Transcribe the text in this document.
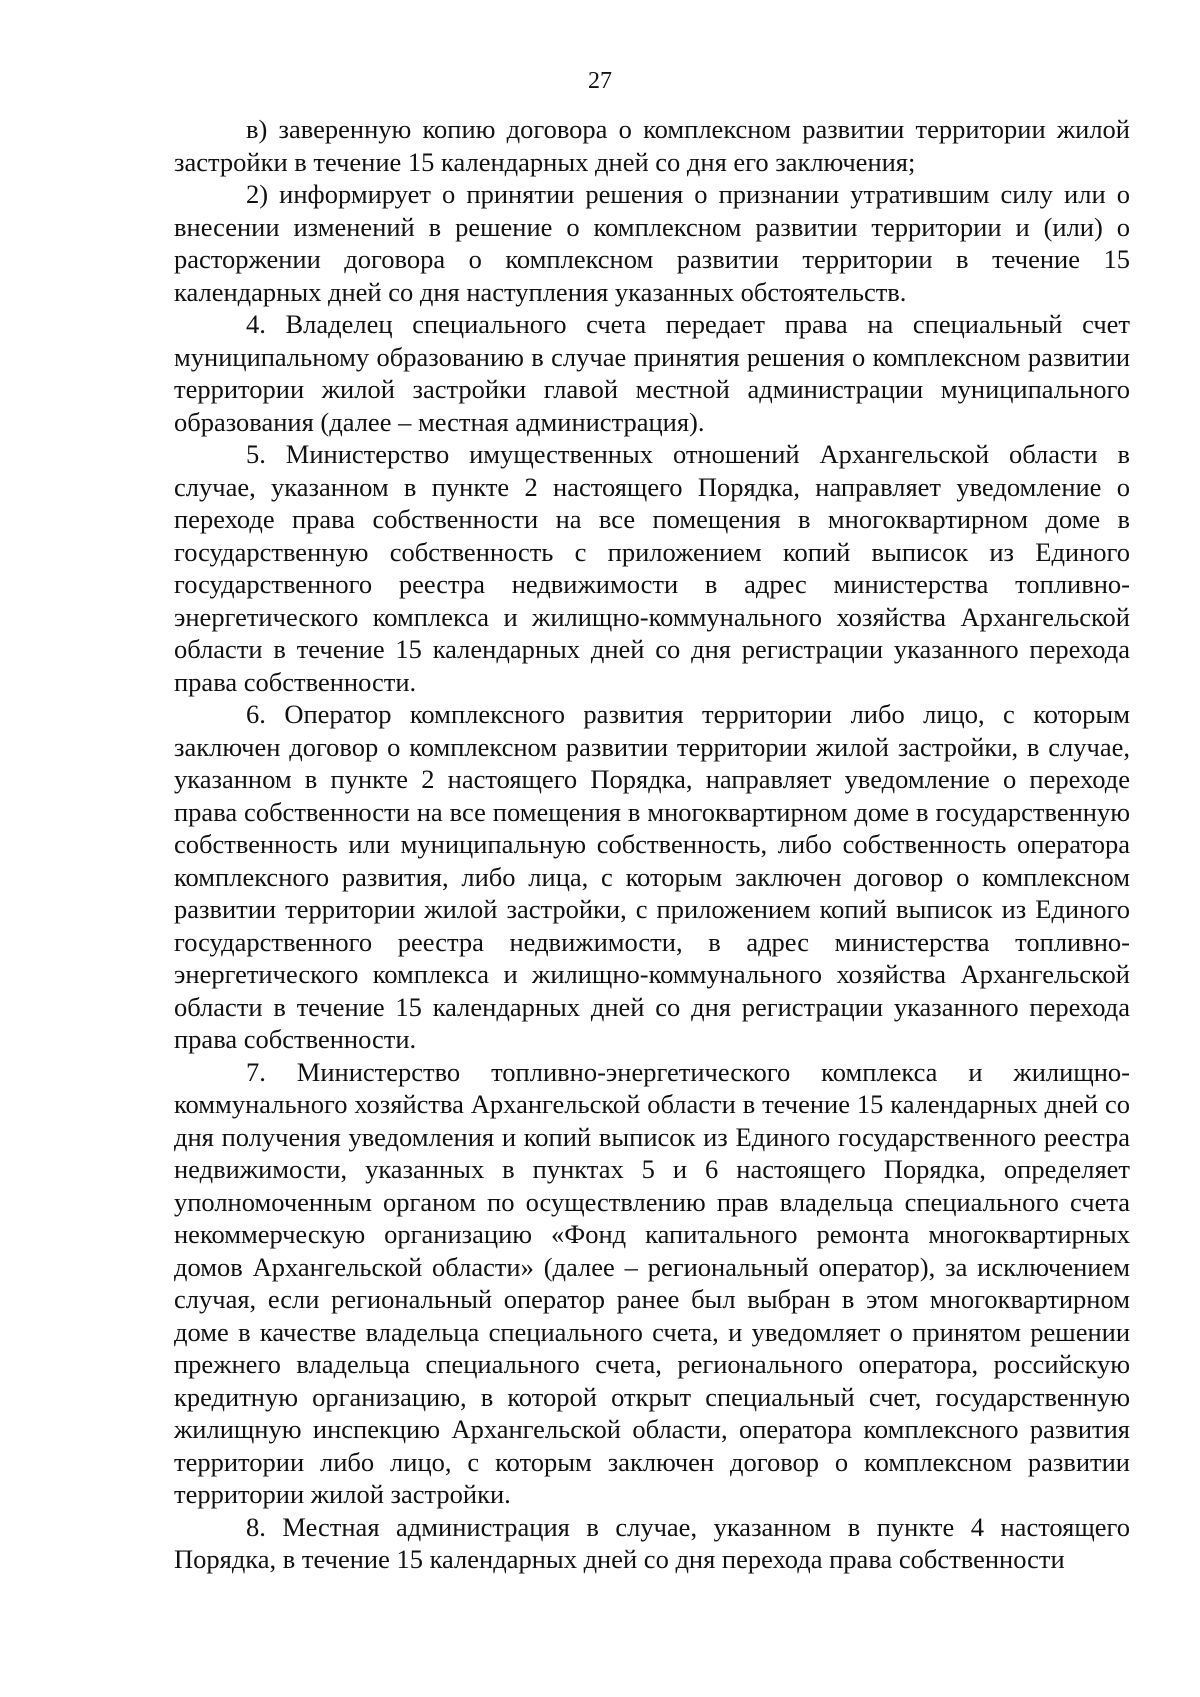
27

в) заверенную копию договора о комплексном развитии территории жилой застройки в течение 15 календарных дней со дня его заключения;

2) информирует о принятии решения о признании утратившим силу или о внесении изменений в решение о комплексном развитии территории и (или) о расторжении договора о комплексном развитии территории в течение 15 календарных дней со дня наступления указанных обстоятельств.

4. Владелец специального счета передает права на специальный счет муниципальному образованию в случае принятия решения о комплексном развитии территории жилой застройки главой местной администрации муниципального образования (далее – местная администрация).

5. Министерство имущественных отношений Архангельской области в случае, указанном в пункте 2 настоящего Порядка, направляет уведомление о переходе права собственности на все помещения в многоквартирном доме в государственную собственность с приложением копий выписок из Единого государственного реестра недвижимости в адрес министерства топливно-энергетического комплекса и жилищно-коммунального хозяйства Архангельской области в течение 15 календарных дней со дня регистрации указанного перехода права собственности.

6. Оператор комплексного развития территории либо лицо, с которым заключен договор о комплексном развитии территории жилой застройки, в случае, указанном в пункте 2 настоящего Порядка, направляет уведомление о переходе права собственности на все помещения в многоквартирном доме в государственную собственность или муниципальную собственность, либо собственность оператора комплексного развития, либо лица, с которым заключен договор о комплексном развитии территории жилой застройки, с приложением копий выписок из Единого государственного реестра недвижимости, в адрес министерства топливно-энергетического комплекса и жилищно-коммунального хозяйства Архангельской области в течение 15 календарных дней со дня регистрации указанного перехода права собственности.

7. Министерство топливно-энергетического комплекса и жилищно-коммунального хозяйства Архангельской области в течение 15 календарных дней со дня получения уведомления и копий выписок из Единого государственного реестра недвижимости, указанных в пунктах 5 и 6 настоящего Порядка, определяет уполномоченным органом по осуществлению прав владельца специального счета некоммерческую организацию «Фонд капитального ремонта многоквартирных домов Архангельской области» (далее – региональный оператор), за исключением случая, если региональный оператор ранее был выбран в этом многоквартирном доме в качестве владельца специального счета, и уведомляет о принятом решении прежнего владельца специального счета, регионального оператора, российскую кредитную организацию, в которой открыт специальный счет, государственную жилищную инспекцию Архангельской области, оператора комплексного развития территории либо лицо, с которым заключен договор о комплексном развитии территории жилой застройки.

8. Местная администрация в случае, указанном в пункте 4 настоящего Порядка, в течение 15 календарных дней со дня перехода права собственности
